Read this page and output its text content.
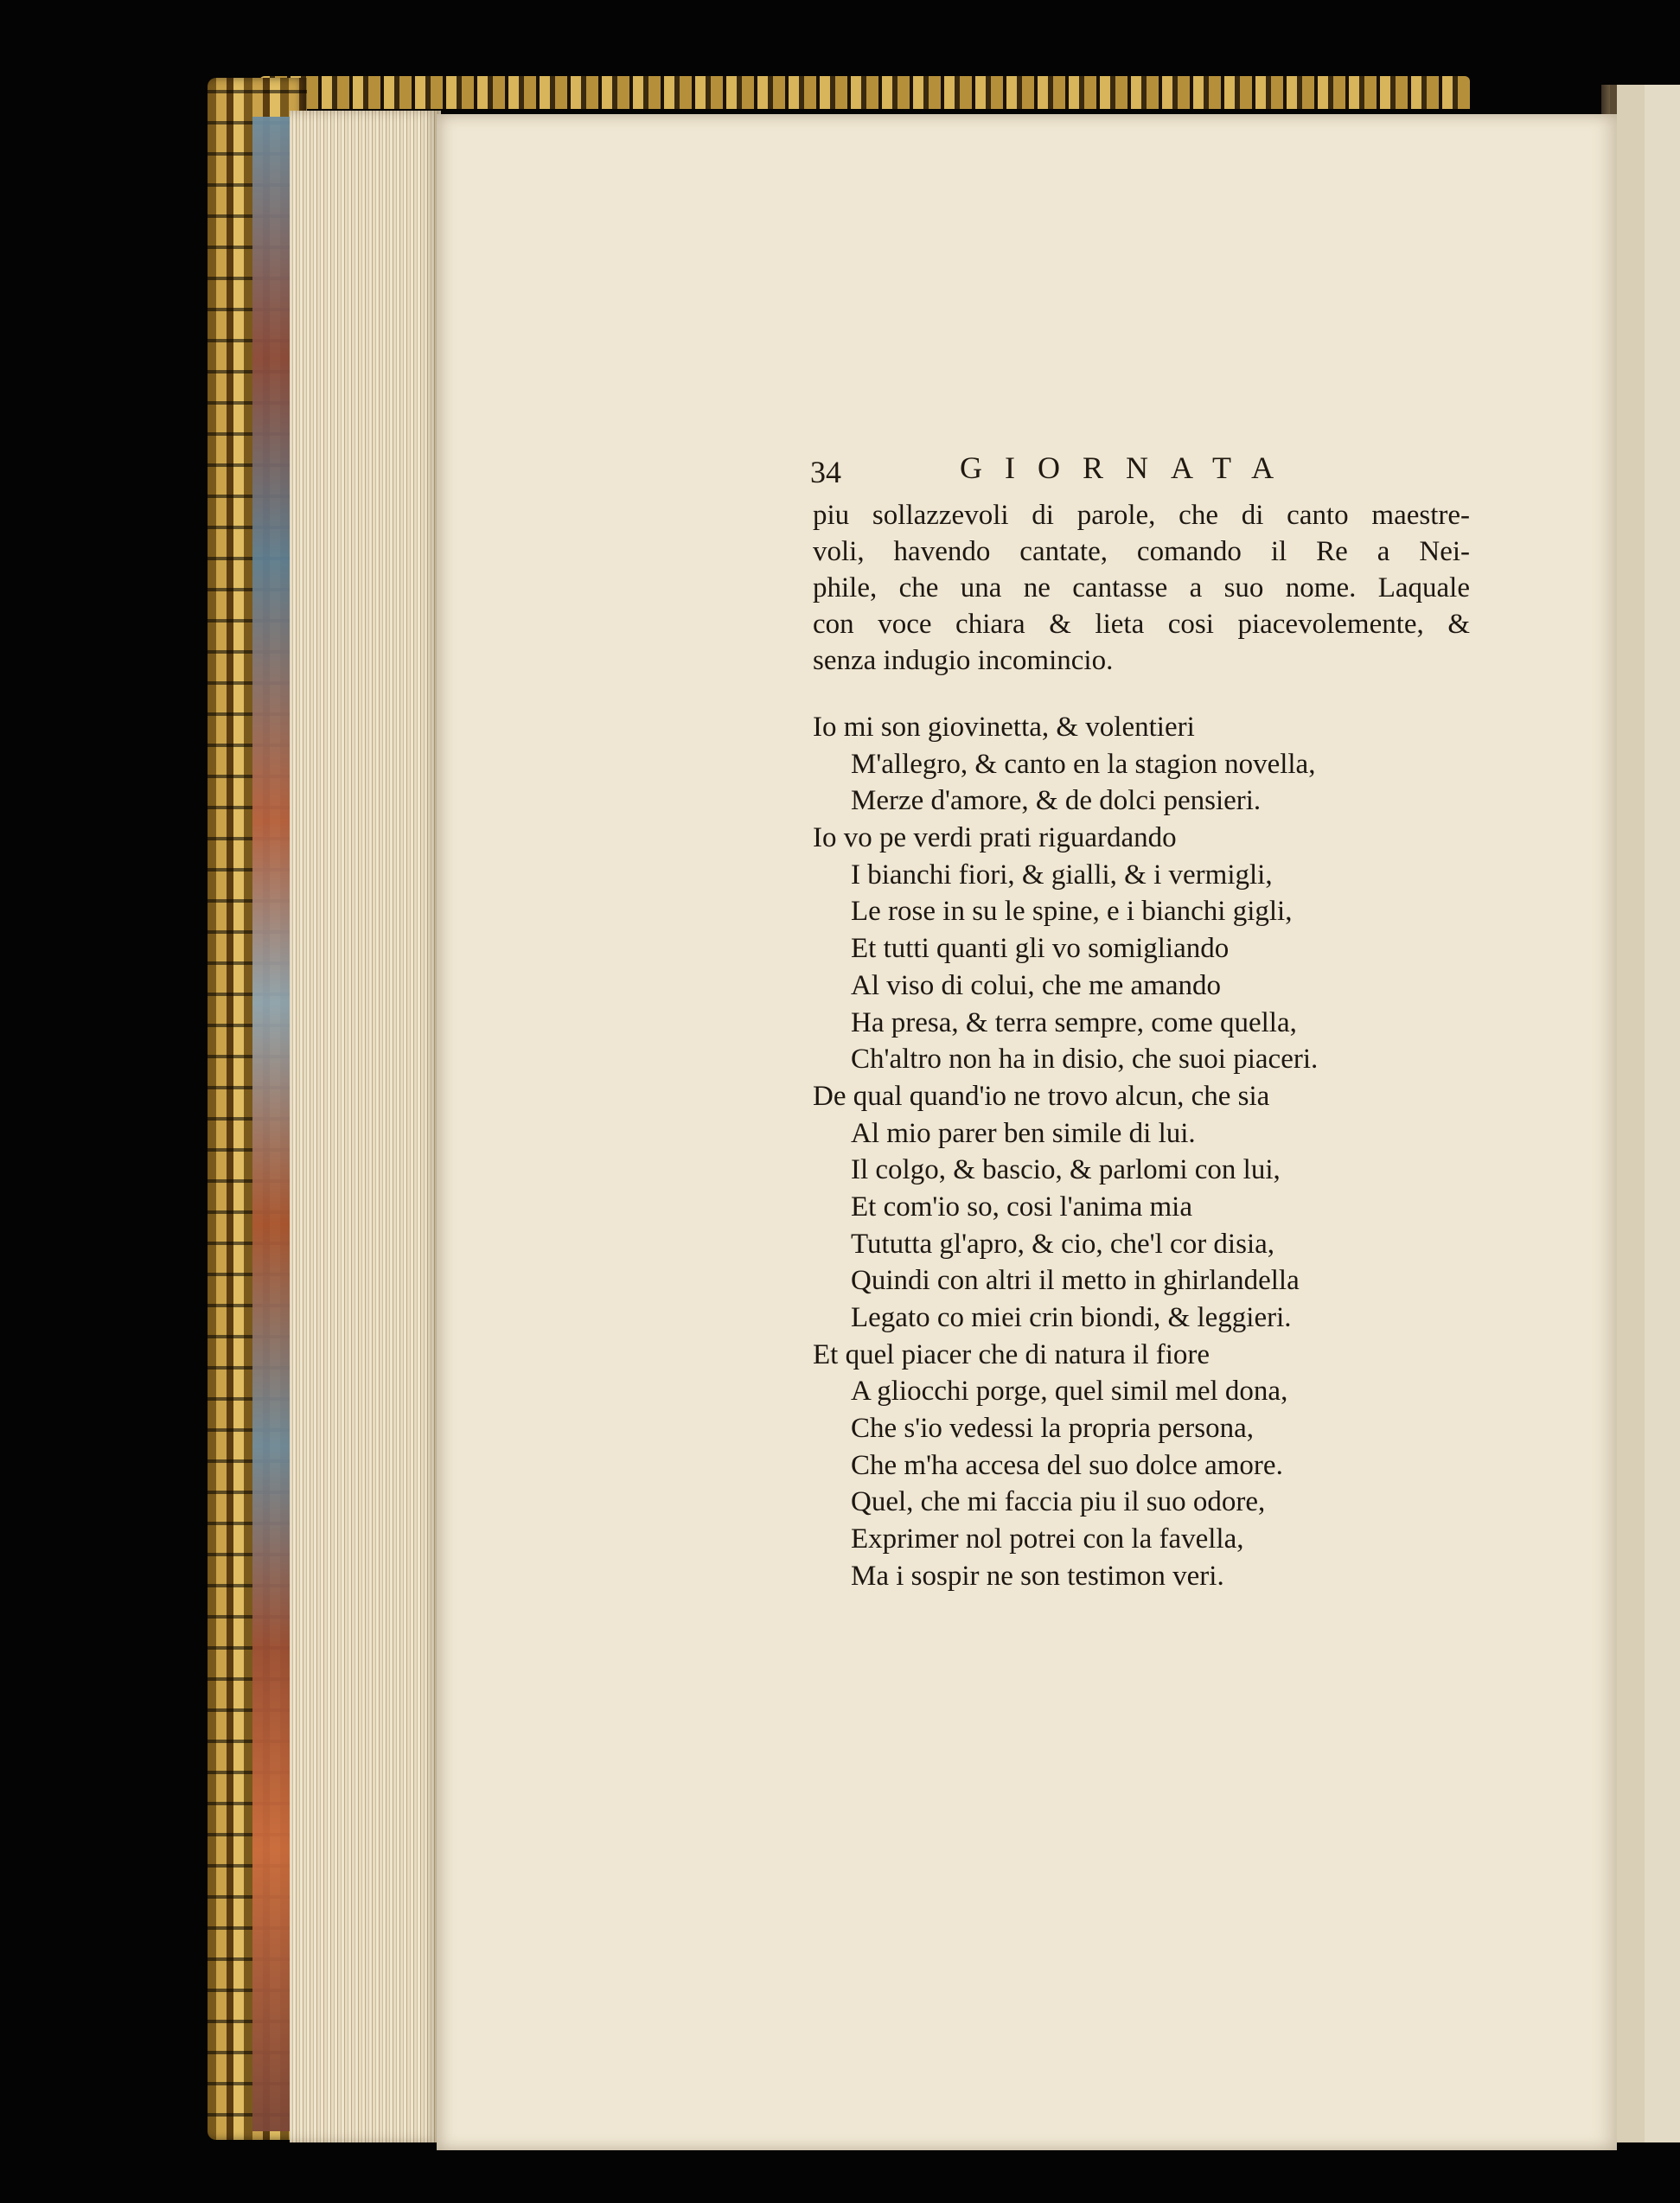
34	GIORNATA
piu sollazzevoli di parole, che di canto maestre-
voli, havendo cantate, comando il Re a Nei-
phile, che una ne cantasse a suo nome. Laquale
con voce chiara & lieta cosi piacevolemente, &
senza indugio incomincio.
Io mi son giovinetta, & volentieri
M'allegro, & canto en la stagion novella,
Merze d'amore, & de dolci pensieri.
Io vo pe verdi prati riguardando
I bianchi fiori, & gialli, & i vermigli,
Le rose in su le spine, e i bianchi gigli,
Et tutti quanti gli vo somigliando
Al viso di colui, che me amando
Ha presa, & terra sempre, come quella,
Ch'altro non ha in disio, che suoi piaceri.
De qual quand'io ne trovo alcun, che sia
Al mio parer ben simile di lui.
Il colgo, & bascio, & parlomi con lui,
Et com'io so, cosi l'anima mia
Tututta gl'apro, & cio, che'l cor disia,
Quindi con altri il metto in ghirlandella
Legato co miei crin biondi, & leggieri.
Et quel piacer che di natura il fiore
A gliocchi porge, quel simil mel dona,
Che s'io vedessi la propria persona,
Che m'ha accesa del suo dolce amore.
Quel, che mi faccia piu il suo odore,
Exprimer nol potrei con la favella,
Ma i sospir ne son testimon veri.
